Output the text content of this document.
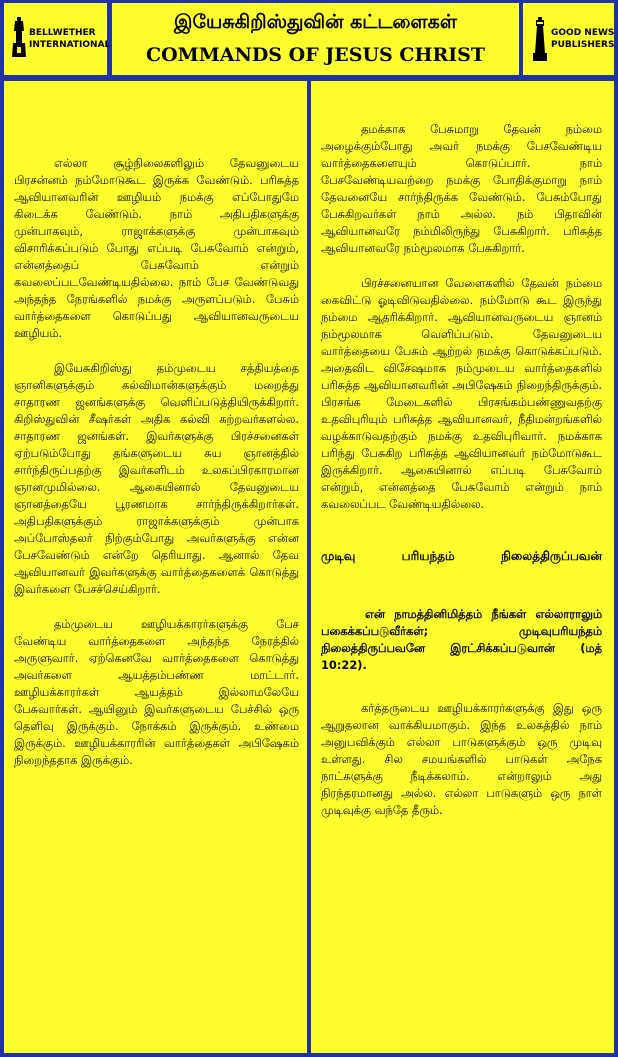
BELLWETHER
INTERNATIONAL
இயேசுகிறிஸ்துவின் கட்டளைகள்
COMMANDS OF JESUS CHRIST
GOOD NEWS
PUBLISHERS

எல்லா சூழ்நிலைகளிலும் தேவனுடைய பிரசன்னம் நம்மோடுகூட இருக்க வேண்டும். பரிசுத்த ஆவியானவரின் ஊழியம் நமக்கு எப்போதுமே கிடைக்க வேண்டும். நாம் அதிபதிகளுக்கு முன்பாகவும், ராஜாக்களுக்கு முன்பாகவும் விசாரிக்கப்படும் போது எப்படி பேசுவோம் என்றும், என்னத்தைப் பேசுவோம் என்றும் கவலைப்படவேண்டியதில்லை. நாம் பேச வேண்டுவது அந்தந்த நேரங்களில் நமக்கு அருளப்படும். பேசும் வார்த்தைகளை கொடுப்பது ஆவியானவருடைய ஊழியம்.

இயேசுகிறிஸ்து தம்முடைய சத்தியத்தை ஞானிகளுக்கும் கல்விமான்களுக்கும் மறைத்து சாதாரண ஜனங்களுக்கு வெளிப்படுத்தியிருக்கிறார். கிறிஸ்துவின் சீஷர்கள் அதிக கல்வி கற்றவர்களல்ல. சாதாரண ஜனங்கள். இவர்களுக்கு பிரச்சனைகள் ஏற்படும்போது தங்களுடைய சுய ஞானத்தில் சார்ந்திருப்பதற்கு இவர்களிடம் உலகப்பிரகாரமான ஞானமுமில்லை. ஆகையினால் தேவனுடைய ஞானத்தையே பூரணமாக சார்ந்திருக்கிறார்கள். அதிபதிகளுக்கும் ராஜாக்களுக்கும் முன்பாக அப்போஸ்தலர் நிற்கும்போது அவர்களுக்கு என்ன பேசவேண்டும் என்றே தெரியாது. ஆனால் தேவ ஆவியானவர் இவர்களுக்கு வார்த்தைகளைக் கொடுத்து இவர்களை பேசச்செய்கிறார்.

தம்முடைய ஊழியக்காரர்களுக்கு பேச வேண்டிய வார்த்தைகளை அந்தந்த நேரத்தில் அருளுவார். ஏற்கெனவே வார்த்தைகளை கொடுத்து அவர்களை ஆயத்தம்பண்ண மாட்டார். ஊழியக்காரர்கள் ஆயத்தம் இல்லாமலேயே பேசுவார்கள். ஆயினும் இவர்களுடைய பேச்சில் ஒரு தெளிவு இருக்கும். நோக்கம் இருக்கும். உண்மை இருக்கும். ஊழியக்காரரின் வார்த்தைகள் அபிஷேகம் நிறைந்ததாக இருக்கும்.

தமக்காக பேசுமாறு தேவன் நம்மை அழைக்கும்போது அவர் நமக்கு பேசவேண்டிய வார்த்தைகளையும் கொடுப்பார். நாம் பேசவேண்டியவற்றை நமக்கு போதிக்குமாறு நாம் தேவனையே சார்ந்திருக்க வேண்டும். பேசும்போது பேசுகிறவர்கள் நாம் அல்ல. நம் பிதாவின் ஆவியானவரே நம்மிலிருந்து பேசுகிறார். பரிசுத்த ஆவியானவரே நம்மூலமாக பேசுகிறார்.

பிரச்சனையான வேளைகளில் தேவன் நம்மை கைவிட்டு ஓடிவிடுவதில்லை. நம்மோடு கூட இருந்து நம்மை ஆதரிக்கிறார். ஆவியானவருடைய ஞானம் நம்மூலமாக வெளிப்படும். தேவனுடைய வார்த்தையை பேசும் ஆற்றல் நமக்கு கொடுக்கப்படும். அதைவிட விசேஷமாக நம்முடைய வார்த்தைகளில் பரிசுத்த ஆவியானவரின் அபிஷேகம் நிறைந்திருக்கும். பிரசங்க மேடைகளில் பிரசங்கம்பண்ணுவதற்கு உதவிபுரியும் பரிசுத்த ஆவியானவர், நீதிமன்றங்களில் வழக்காடுவதற்கும் நமக்கு உதவிபுரிவார். நமக்காக பரிந்து பேசுகிற பரிசுத்த ஆவியானவர் நம்மோடுகூட இருக்கிறார். ஆகையினால் எப்படி பேசுவோம் என்றும், என்னத்தை பேசுவோம் என்றும் நாம் கவலைப்பட வேண்டியதில்லை.

முடிவு பரியந்தம் நிலைத்திருப்பவன்

என் நாமத்தினிமித்தம் நீங்கள் எல்லாராலும் பகைக்கப்படுவீர்கள்; முடிவுபரியந்தம் நிலைத்திருப்பவனே இரட்சிக்கப்படுவான் (மத் 10:22).

கர்த்தருடைய ஊழியக்காரர்களுக்கு இது ஒரு ஆறுதலான வாக்கியமாகும். இந்த உலகத்தில் நாம் அனுபவிக்கும் எல்லா பாடுகளுக்கும் ஒரு முடிவு உள்ளது. சில சமயங்களில் பாடுகள் அநேக நாட்களுக்கு நீடிக்கலாம். என்றாலும் அது நிரந்தரமானது அல்ல. எல்லா பாடுகளும் ஒரு நாள் முடிவுக்கு வந்தே தீரும்.
